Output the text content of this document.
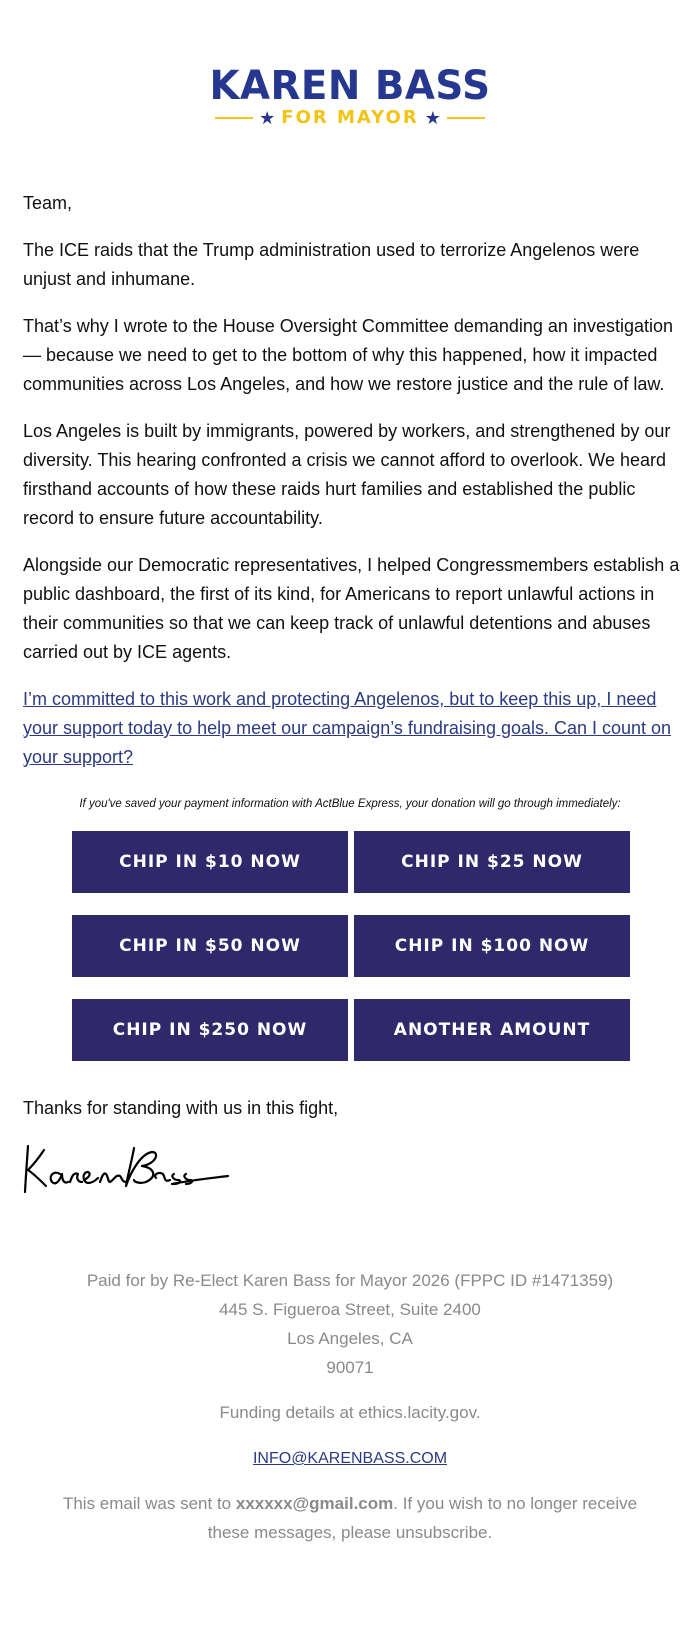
KAREN BASS
★ FOR MAYOR ★

Team,

The ICE raids that the Trump administration used to terrorize Angelenos were unjust and inhumane.

That’s why I wrote to the House Oversight Committee demanding an investigation — because we need to get to the bottom of why this happened, how it impacted communities across Los Angeles, and how we restore justice and the rule of law.

Los Angeles is built by immigrants, powered by workers, and strengthened by our diversity. This hearing confronted a crisis we cannot afford to overlook. We heard firsthand accounts of how these raids hurt families and established the public record to ensure future accountability.

Alongside our Democratic representatives, I helped Congressmembers establish a public dashboard, the first of its kind, for Americans to report unlawful actions in their communities so that we can keep track of unlawful detentions and abuses carried out by ICE agents.

I’m committed to this work and protecting Angelenos, but to keep this up, I need your support today to help meet our campaign’s fundraising goals. Can I count on your support?

If you've saved your payment information with ActBlue Express, your donation will go through immediately:
CHIP IN $10 NOW	CHIP IN $25 NOW
CHIP IN $50 NOW	CHIP IN $100 NOW
CHIP IN $250 NOW	ANOTHER AMOUNT
Thanks for standing with us in this fight,
Paid for by Re-Elect Karen Bass for Mayor 2026 (FPPC ID #1471359)
445 S. Figueroa Street, Suite 2400
Los Angeles, CA
90071
Funding details at ethics.lacity.gov.
INFO@KARENBASS.COM
This email was sent to xxxxxx@gmail.com. If you wish to no longer receive these messages, please unsubscribe.
